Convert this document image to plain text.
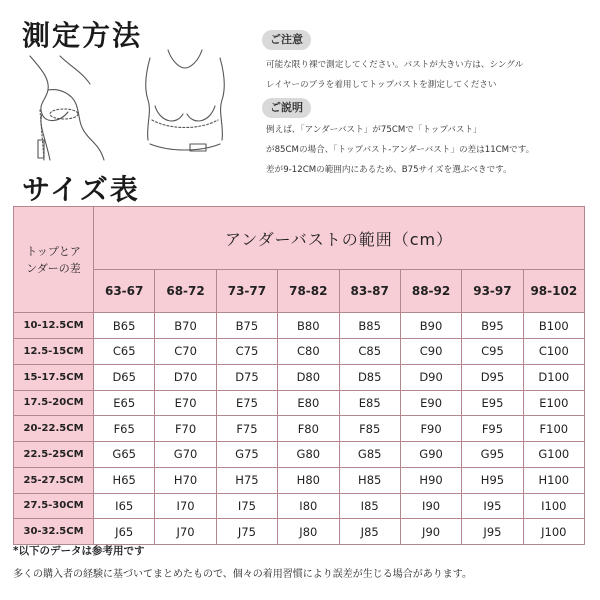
測定方法	ご注意

可能な限り裸で測定してください。バストが大きい方は、シングル

レイヤーのブラを着用してトップバストを測定してください

ご説明

例えば、「アンダーバスト」が75CMで「トップバスト」

が85CMの場合、「トップバスト-アンダーバスト」の差は11CMです。

差が9-12CMの範囲内にあるため、B75サイズを選ぶべきです。

サイズ表
トップとア
ンダーの差	アンダーバストの範囲（cm）							
	63-67	68-72	73-77	78-82	83-87	88-92	93-97	98-102
10-12.5CM	B65	B70	B75	B80	B85	B90	B95	B100
12.5-15CM	C65	C70	C75	C80	C85	C90	C95	C100
15-17.5CM	D65	D70	D75	D80	D85	D90	D95	D100
17.5-20CM	E65	E70	E75	E80	E85	E90	E95	E100
20-22.5CM	F65	F70	F75	F80	F85	F90	F95	F100
22.5-25CM	G65	G70	G75	G80	G85	G90	G95	G100
25-27.5CM	H65	H70	H75	H80	H85	H90	H95	H100
27.5-30CM	I65	I70	I75	I80	I85	I90	I95	I100
30-32.5CM	J65	J70	J75	J80	J85	J90	J95	J100
*以下のデータは参考用です
多くの購入者の経験に基づいてまとめたもので、個々の着用習慣により誤差が生じる場合があります。
